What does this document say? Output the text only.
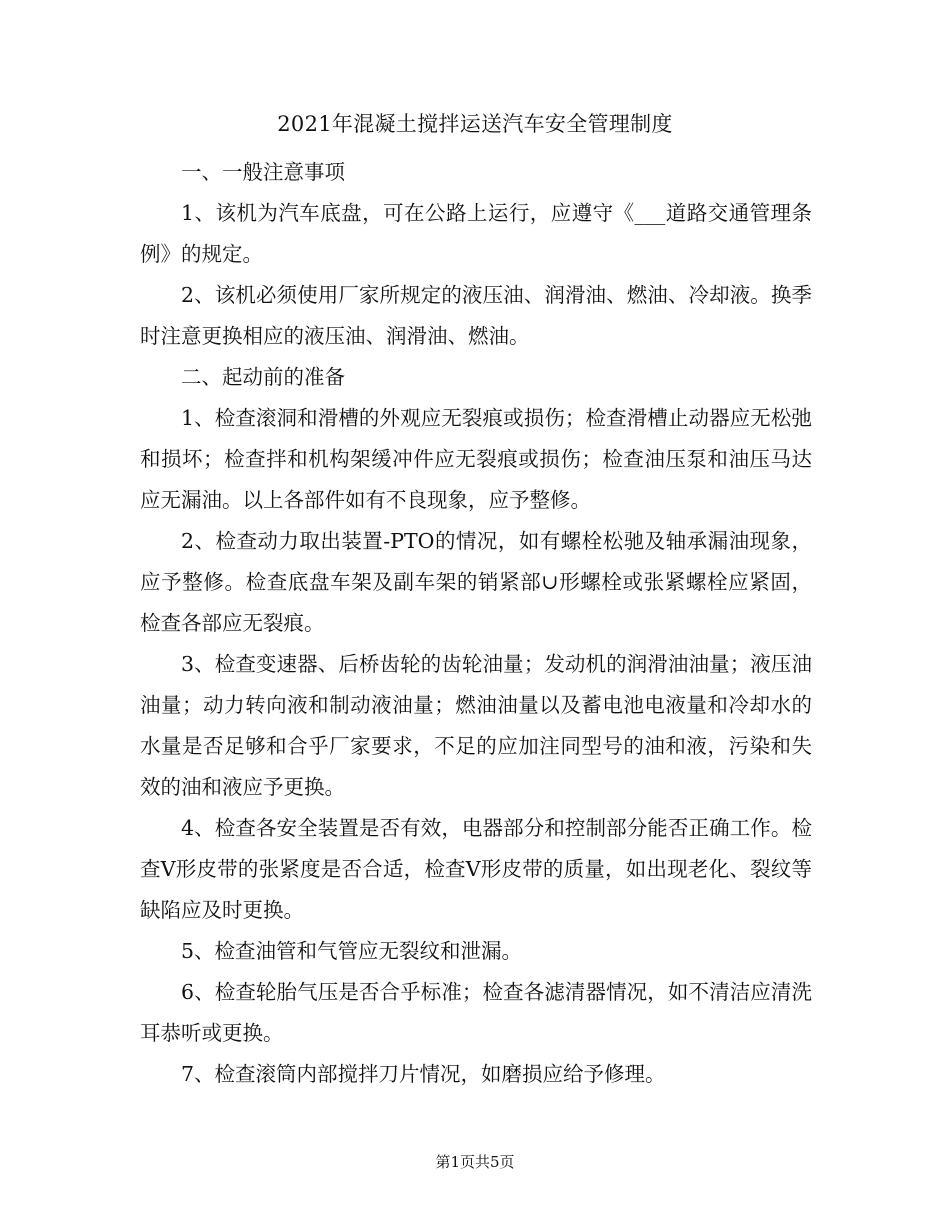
2021年混凝土搅拌运送汽车安全管理制度

一、一般注意事项

1、该机为汽车底盘，可在公路上运行，应遵守《___道路交通管理条例》的规定。

2、该机必须使用厂家所规定的液压油、润滑油、燃油、冷却液。换季时注意更换相应的液压油、润滑油、燃油。

二、起动前的准备

1、检查滚洞和滑槽的外观应无裂痕或损伤；检查滑槽止动器应无松弛和损坏；检查拌和机构架缓冲件应无裂痕或损伤；检查油压泵和油压马达应无漏油。以上各部件如有不良现象，应予整修。

2、检查动力取出装置-PTO的情况，如有螺栓松驰及轴承漏油现象，应予整修。检查底盘车架及副车架的销紧部∪形螺栓或张紧螺栓应紧固，检查各部应无裂痕。

3、检查变速器、后桥齿轮的齿轮油量；发动机的润滑油油量；液压油油量；动力转向液和制动液油量；燃油油量以及蓄电池电液量和冷却水的水量是否足够和合乎厂家要求，不足的应加注同型号的油和液，污染和失效的油和液应予更换。

4、检查各安全装置是否有效，电器部分和控制部分能否正确工作。检查V形皮带的张紧度是否合适，检查V形皮带的质量，如出现老化、裂纹等缺陷应及时更换。

5、检查油管和气管应无裂纹和泄漏。

6、检查轮胎气压是否合乎标准；检查各滤清器情况，如不清洁应清洗耳恭听或更换。

7、检查滚筒内部搅拌刀片情况，如磨损应给予修理。

第1页共5页
